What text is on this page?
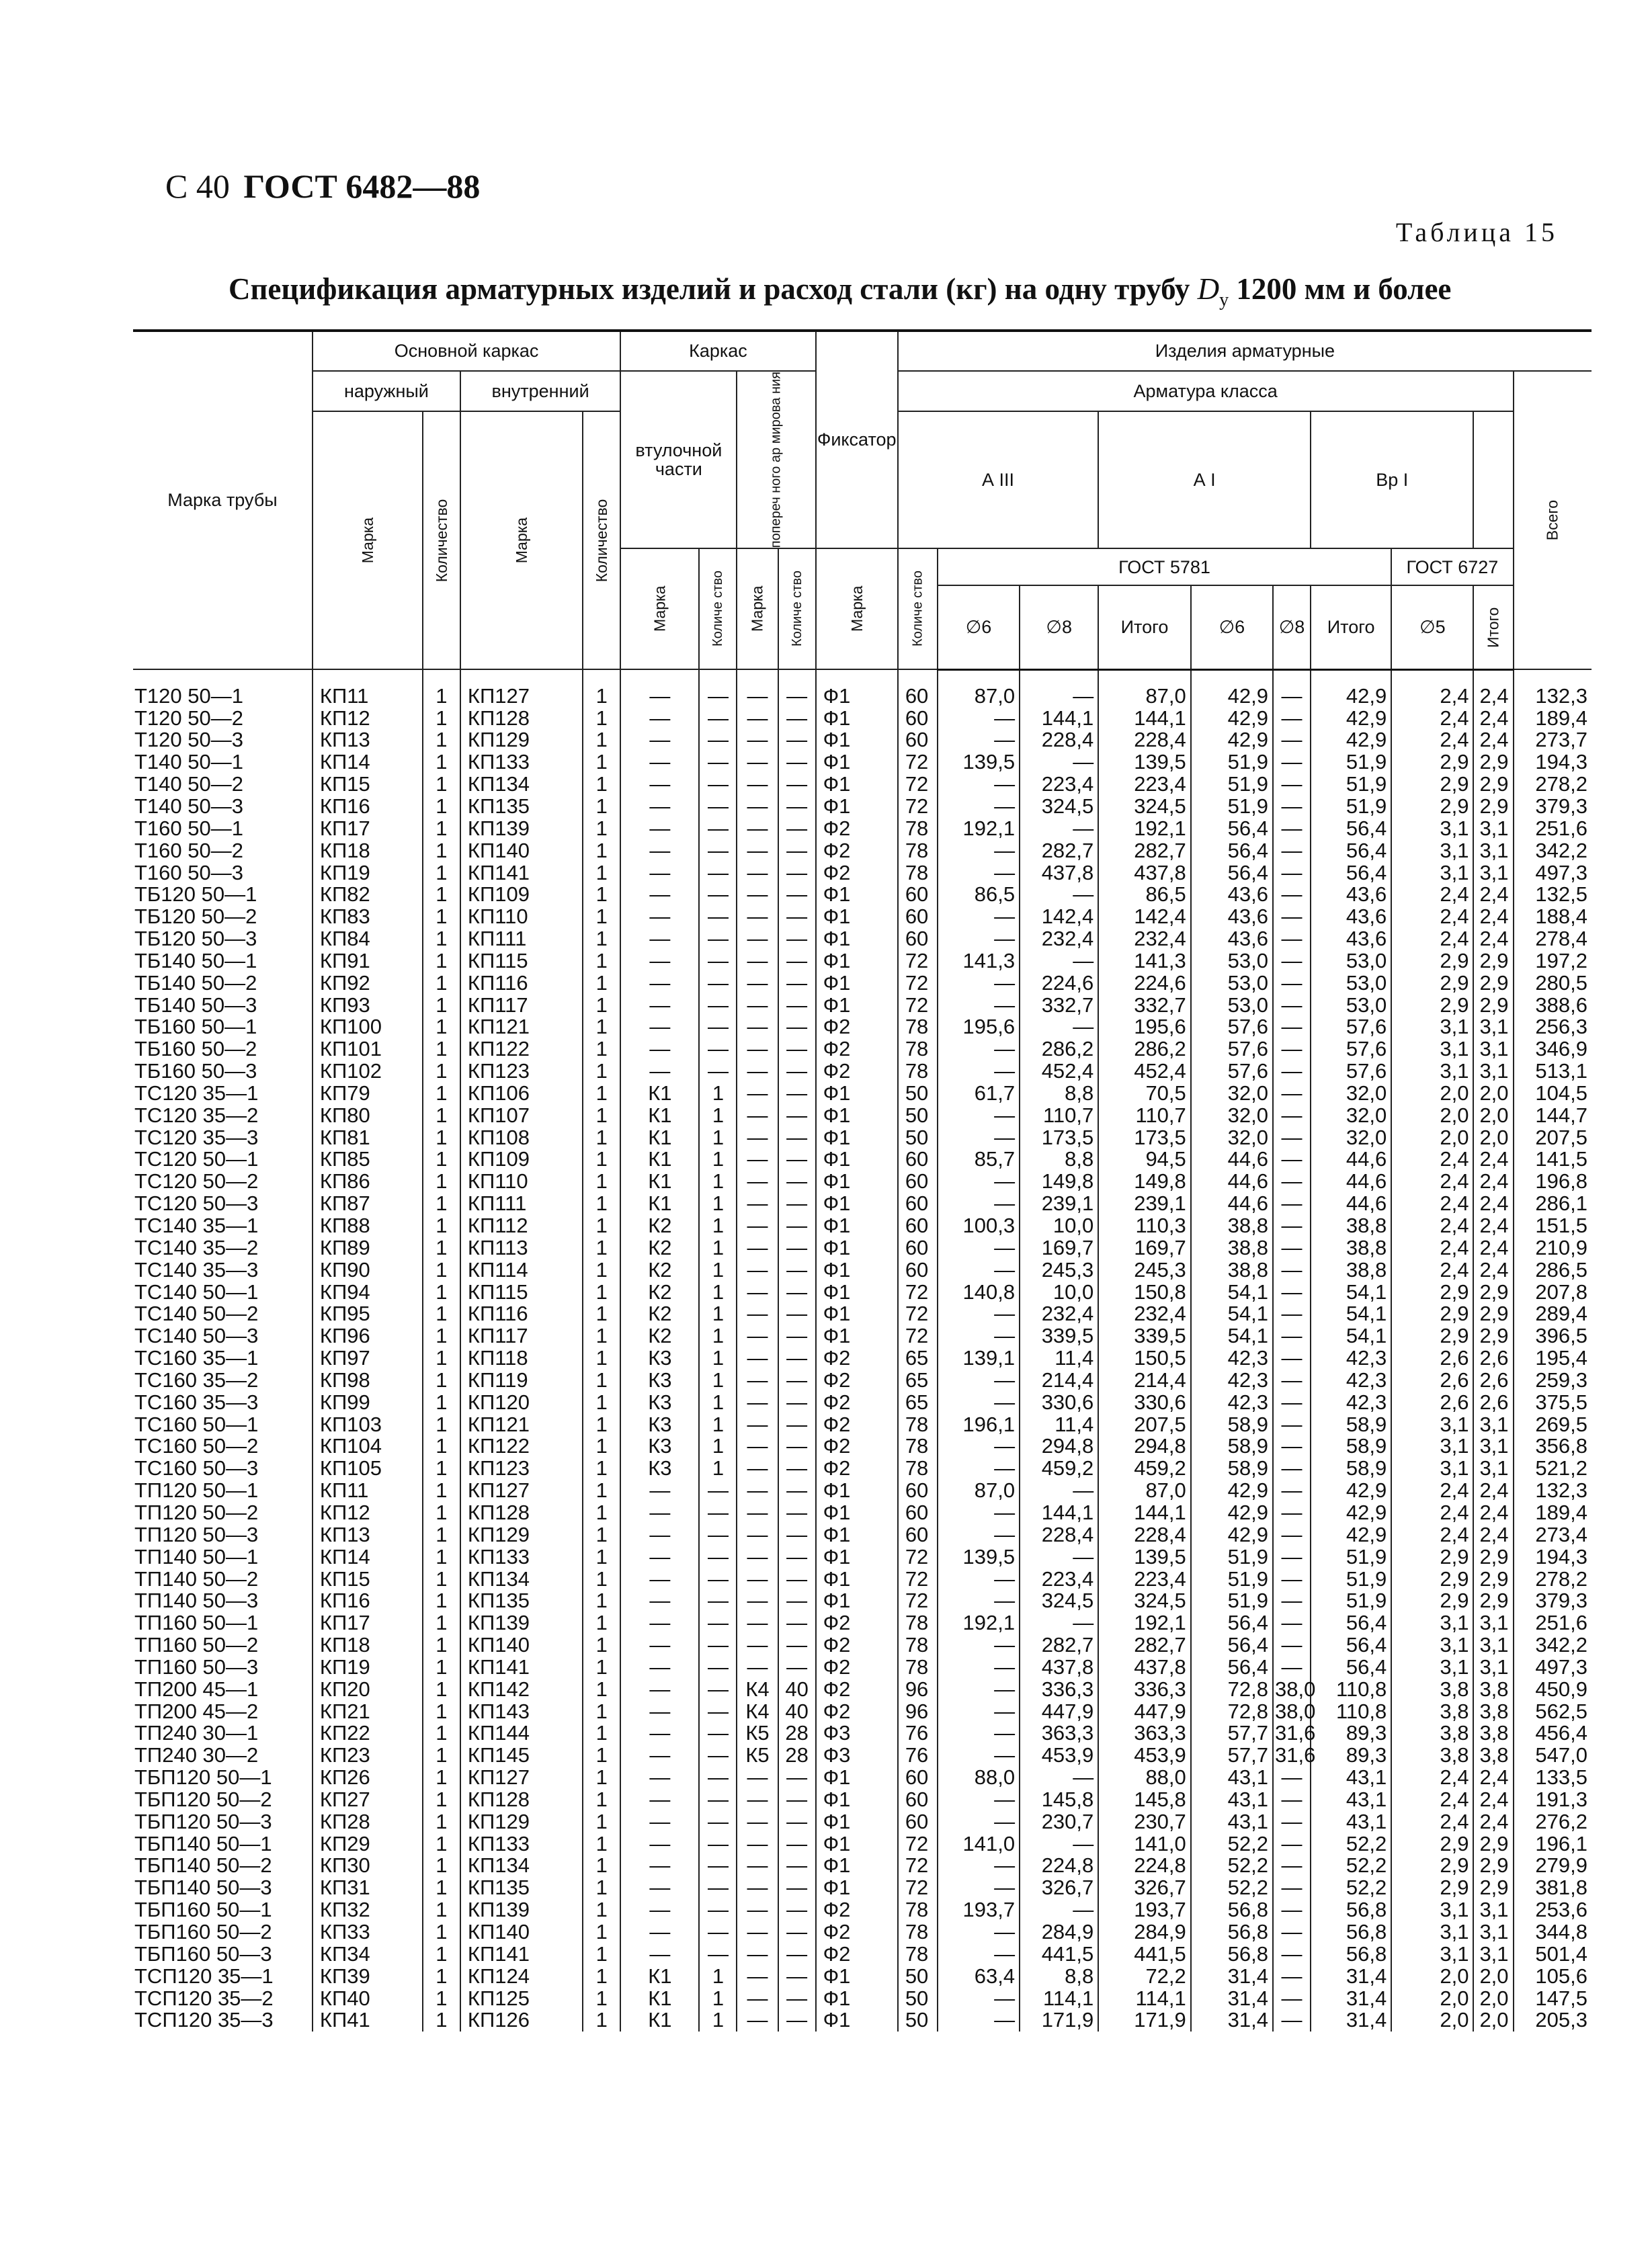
С 40 ГОСТ 6482—88
Таблица 15
Спецификация арматурных изделий и расход стали (кг) на одну трубу $D_у$ 1200 мм и более
Марка трубы	Основной каркас				Каркас				Фиксатор	Изделия арматурные									
	наружный		внутренний		втулочной части		попереч ного ар мирова ния			Арматура класса									Всего
	Марка	Количество	Марка	Количество						А III			А I			Вр I			
					Марка	Количе ство	Марка	Количе ство	Марка	Количе ство	ГОСТ 5781						ГОСТ 6727		
											∅6	∅8	Итого	∅6	∅8	Итого	∅5	Итого	
Т120 50—1	КП11	1	КП127	1	—	—	—	—	Ф1	60	87,0	—	87,0	42,9	—	42,9	2,4	2,4	132,3
Т120 50—2	КП12	1	КП128	1	—	—	—	—	Ф1	60	—	144,1	144,1	42,9	—	42,9	2,4	2,4	189,4
Т120 50—3	КП13	1	КП129	1	—	—	—	—	Ф1	60	—	228,4	228,4	42,9	—	42,9	2,4	2,4	273,7
Т140 50—1	КП14	1	КП133	1	—	—	—	—	Ф1	72	139,5	—	139,5	51,9	—	51,9	2,9	2,9	194,3
Т140 50—2	КП15	1	КП134	1	—	—	—	—	Ф1	72	—	223,4	223,4	51,9	—	51,9	2,9	2,9	278,2
Т140 50—3	КП16	1	КП135	1	—	—	—	—	Ф1	72	—	324,5	324,5	51,9	—	51,9	2,9	2,9	379,3
Т160 50—1	КП17	1	КП139	1	—	—	—	—	Ф2	78	192,1	—	192,1	56,4	—	56,4	3,1	3,1	251,6
Т160 50—2	КП18	1	КП140	1	—	—	—	—	Ф2	78	—	282,7	282,7	56,4	—	56,4	3,1	3,1	342,2
Т160 50—3	КП19	1	КП141	1	—	—	—	—	Ф2	78	—	437,8	437,8	56,4	—	56,4	3,1	3,1	497,3
ТБ120 50—1	КП82	1	КП109	1	—	—	—	—	Ф1	60	86,5	—	86,5	43,6	—	43,6	2,4	2,4	132,5
ТБ120 50—2	КП83	1	КП110	1	—	—	—	—	Ф1	60	—	142,4	142,4	43,6	—	43,6	2,4	2,4	188,4
ТБ120 50—3	КП84	1	КП111	1	—	—	—	—	Ф1	60	—	232,4	232,4	43,6	—	43,6	2,4	2,4	278,4
ТБ140 50—1	КП91	1	КП115	1	—	—	—	—	Ф1	72	141,3	—	141,3	53,0	—	53,0	2,9	2,9	197,2
ТБ140 50—2	КП92	1	КП116	1	—	—	—	—	Ф1	72	—	224,6	224,6	53,0	—	53,0	2,9	2,9	280,5
ТБ140 50—3	КП93	1	КП117	1	—	—	—	—	Ф1	72	—	332,7	332,7	53,0	—	53,0	2,9	2,9	388,6
ТБ160 50—1	КП100	1	КП121	1	—	—	—	—	Ф2	78	195,6	—	195,6	57,6	—	57,6	3,1	3,1	256,3
ТБ160 50—2	КП101	1	КП122	1	—	—	—	—	Ф2	78	—	286,2	286,2	57,6	—	57,6	3,1	3,1	346,9
ТБ160 50—3	КП102	1	КП123	1	—	—	—	—	Ф2	78	—	452,4	452,4	57,6	—	57,6	3,1	3,1	513,1
ТС120 35—1	КП79	1	КП106	1	К1	1	—	—	Ф1	50	61,7	8,8	70,5	32,0	—	32,0	2,0	2,0	104,5
ТС120 35—2	КП80	1	КП107	1	К1	1	—	—	Ф1	50	—	110,7	110,7	32,0	—	32,0	2,0	2,0	144,7
ТС120 35—3	КП81	1	КП108	1	К1	1	—	—	Ф1	50	—	173,5	173,5	32,0	—	32,0	2,0	2,0	207,5
ТС120 50—1	КП85	1	КП109	1	К1	1	—	—	Ф1	60	85,7	8,8	94,5	44,6	—	44,6	2,4	2,4	141,5
ТС120 50—2	КП86	1	КП110	1	К1	1	—	—	Ф1	60	—	149,8	149,8	44,6	—	44,6	2,4	2,4	196,8
ТС120 50—3	КП87	1	КП111	1	К1	1	—	—	Ф1	60	—	239,1	239,1	44,6	—	44,6	2,4	2,4	286,1
ТС140 35—1	КП88	1	КП112	1	К2	1	—	—	Ф1	60	100,3	10,0	110,3	38,8	—	38,8	2,4	2,4	151,5
ТС140 35—2	КП89	1	КП113	1	К2	1	—	—	Ф1	60	—	169,7	169,7	38,8	—	38,8	2,4	2,4	210,9
ТС140 35—3	КП90	1	КП114	1	К2	1	—	—	Ф1	60	—	245,3	245,3	38,8	—	38,8	2,4	2,4	286,5
ТС140 50—1	КП94	1	КП115	1	К2	1	—	—	Ф1	72	140,8	10,0	150,8	54,1	—	54,1	2,9	2,9	207,8
ТС140 50—2	КП95	1	КП116	1	К2	1	—	—	Ф1	72	—	232,4	232,4	54,1	—	54,1	2,9	2,9	289,4
ТС140 50—3	КП96	1	КП117	1	К2	1	—	—	Ф1	72	—	339,5	339,5	54,1	—	54,1	2,9	2,9	396,5
ТС160 35—1	КП97	1	КП118	1	К3	1	—	—	Ф2	65	139,1	11,4	150,5	42,3	—	42,3	2,6	2,6	195,4
ТС160 35—2	КП98	1	КП119	1	К3	1	—	—	Ф2	65	—	214,4	214,4	42,3	—	42,3	2,6	2,6	259,3
ТС160 35—3	КП99	1	КП120	1	К3	1	—	—	Ф2	65	—	330,6	330,6	42,3	—	42,3	2,6	2,6	375,5
ТС160 50—1	КП103	1	КП121	1	К3	1	—	—	Ф2	78	196,1	11,4	207,5	58,9	—	58,9	3,1	3,1	269,5
ТС160 50—2	КП104	1	КП122	1	К3	1	—	—	Ф2	78	—	294,8	294,8	58,9	—	58,9	3,1	3,1	356,8
ТС160 50—3	КП105	1	КП123	1	К3	1	—	—	Ф2	78	—	459,2	459,2	58,9	—	58,9	3,1	3,1	521,2
ТП120 50—1	КП11	1	КП127	1	—	—	—	—	Ф1	60	87,0	—	87,0	42,9	—	42,9	2,4	2,4	132,3
ТП120 50—2	КП12	1	КП128	1	—	—	—	—	Ф1	60	—	144,1	144,1	42,9	—	42,9	2,4	2,4	189,4
ТП120 50—3	КП13	1	КП129	1	—	—	—	—	Ф1	60	—	228,4	228,4	42,9	—	42,9	2,4	2,4	273,4
ТП140 50—1	КП14	1	КП133	1	—	—	—	—	Ф1	72	139,5	—	139,5	51,9	—	51,9	2,9	2,9	194,3
ТП140 50—2	КП15	1	КП134	1	—	—	—	—	Ф1	72	—	223,4	223,4	51,9	—	51,9	2,9	2,9	278,2
ТП140 50—3	КП16	1	КП135	1	—	—	—	—	Ф1	72	—	324,5	324,5	51,9	—	51,9	2,9	2,9	379,3
ТП160 50—1	КП17	1	КП139	1	—	—	—	—	Ф2	78	192,1	—	192,1	56,4	—	56,4	3,1	3,1	251,6
ТП160 50—2	КП18	1	КП140	1	—	—	—	—	Ф2	78	—	282,7	282,7	56,4	—	56,4	3,1	3,1	342,2
ТП160 50—3	КП19	1	КП141	1	—	—	—	—	Ф2	78	—	437,8	437,8	56,4	—	56,4	3,1	3,1	497,3
ТП200 45—1	КП20	1	КП142	1	—	—	К4	40	Ф2	96	—	336,3	336,3	72,8	38,0	110,8	3,8	3,8	450,9
ТП200 45—2	КП21	1	КП143	1	—	—	К4	40	Ф2	96	—	447,9	447,9	72,8	38,0	110,8	3,8	3,8	562,5
ТП240 30—1	КП22	1	КП144	1	—	—	К5	28	Ф3	76	—	363,3	363,3	57,7	31,6	89,3	3,8	3,8	456,4
ТП240 30—2	КП23	1	КП145	1	—	—	К5	28	Ф3	76	—	453,9	453,9	57,7	31,6	89,3	3,8	3,8	547,0
ТБП120 50—1	КП26	1	КП127	1	—	—	—	—	Ф1	60	88,0	—	88,0	43,1	—	43,1	2,4	2,4	133,5
ТБП120 50—2	КП27	1	КП128	1	—	—	—	—	Ф1	60	—	145,8	145,8	43,1	—	43,1	2,4	2,4	191,3
ТБП120 50—3	КП28	1	КП129	1	—	—	—	—	Ф1	60	—	230,7	230,7	43,1	—	43,1	2,4	2,4	276,2
ТБП140 50—1	КП29	1	КП133	1	—	—	—	—	Ф1	72	141,0	—	141,0	52,2	—	52,2	2,9	2,9	196,1
ТБП140 50—2	КП30	1	КП134	1	—	—	—	—	Ф1	72	—	224,8	224,8	52,2	—	52,2	2,9	2,9	279,9
ТБП140 50—3	КП31	1	КП135	1	—	—	—	—	Ф1	72	—	326,7	326,7	52,2	—	52,2	2,9	2,9	381,8
ТБП160 50—1	КП32	1	КП139	1	—	—	—	—	Ф2	78	193,7	—	193,7	56,8	—	56,8	3,1	3,1	253,6
ТБП160 50—2	КП33	1	КП140	1	—	—	—	—	Ф2	78	—	284,9	284,9	56,8	—	56,8	3,1	3,1	344,8
ТБП160 50—3	КП34	1	КП141	1	—	—	—	—	Ф2	78	—	441,5	441,5	56,8	—	56,8	3,1	3,1	501,4
ТСП120 35—1	КП39	1	КП124	1	К1	1	—	—	Ф1	50	63,4	8,8	72,2	31,4	—	31,4	2,0	2,0	105,6
ТСП120 35—2	КП40	1	КП125	1	К1	1	—	—	Ф1	50	—	114,1	114,1	31,4	—	31,4	2,0	2,0	147,5
ТСП120 35—3	КП41	1	КП126	1	К1	1	—	—	Ф1	50	—	171,9	171,9	31,4	—	31,4	2,0	2,0	205,3
